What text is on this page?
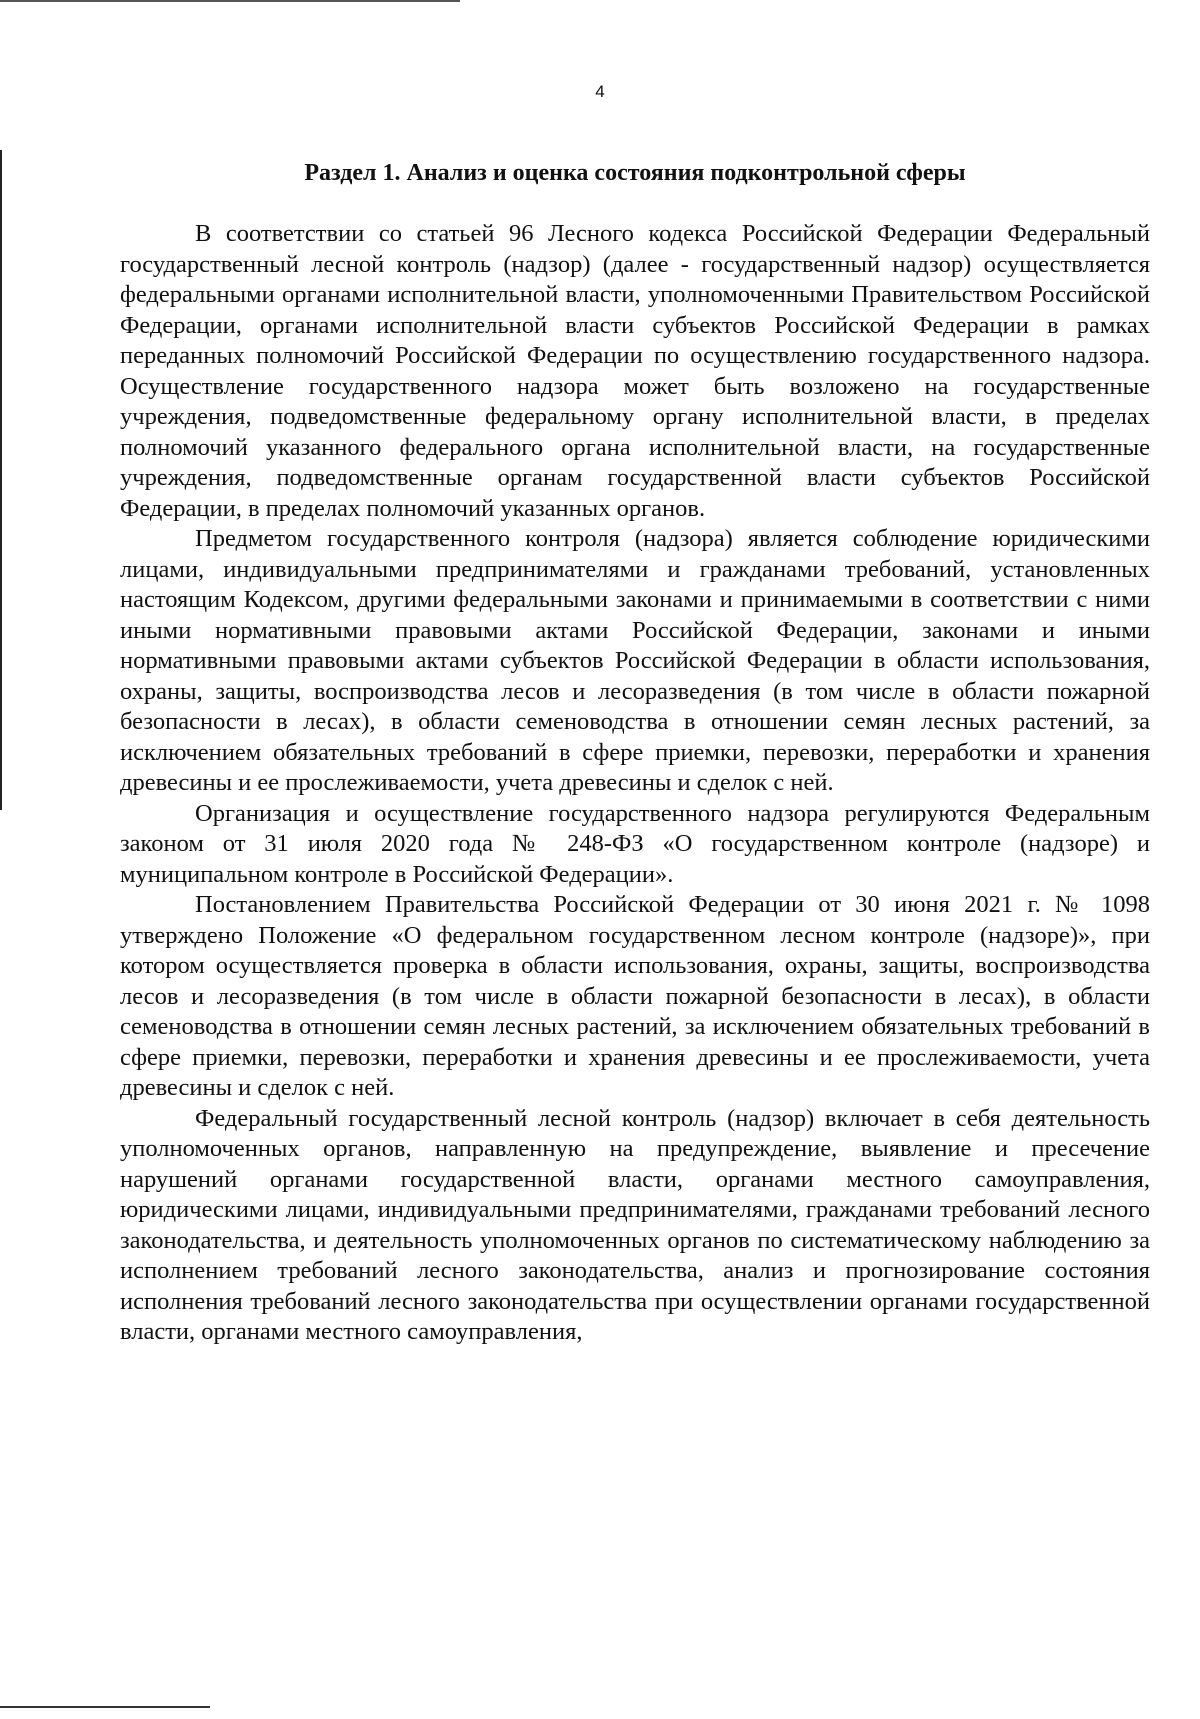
4
Раздел 1. Анализ и оценка состояния подконтрольной сферы

В соответствии со статьей 96 Лесного кодекса Российской Федерации Федеральный государственный лесной контроль (надзор) (далее - государственный надзор) осуществляется федеральными органами исполнительной власти, уполномоченными Правительством Российской Федерации, органами исполнительной власти субъектов Российской Федерации в рамках переданных полномочий Российской Федерации по осуществлению государственного надзора. Осуществление государственного надзора может быть возложено на государственные учреждения, подведомственные федеральному органу исполнительной власти, в пределах полномочий указанного федерального органа исполнительной власти, на государственные учреждения, подведомственные органам государственной власти субъектов Российской Федерации, в пределах полномочий указанных органов.

Предметом государственного контроля (надзора) является соблюдение юридическими лицами, индивидуальными предпринимателями и гражданами требований, установленных настоящим Кодексом, другими федеральными законами и принимаемыми в соответствии с ними иными нормативными правовыми актами Российской Федерации, законами и иными нормативными правовыми актами субъектов Российской Федерации в области использования, охраны, защиты, воспроизводства лесов и лесоразведения (в том числе в области пожарной безопасности в лесах), в области семеноводства в отношении семян лесных растений, за исключением обязательных требований в сфере приемки, перевозки, переработки и хранения древесины и ее прослеживаемости, учета древесины и сделок с ней.

Организация и осуществление государственного надзора регулируются Федеральным законом от 31 июля 2020 года № 248-ФЗ «О государственном контроле (надзоре) и муниципальном контроле в Российской Федерации».

Постановлением Правительства Российской Федерации от 30 июня 2021 г. № 1098 утверждено Положение «О федеральном государственном лесном контроле (надзоре)», при котором осуществляется проверка в области использования, охраны, защиты, воспроизводства лесов и лесоразведения (в том числе в области пожарной безопасности в лесах), в области семеноводства в отношении семян лесных растений, за исключением обязательных требований в сфере приемки, перевозки, переработки и хранения древесины и ее прослеживаемости, учета древесины и сделок с ней.

Федеральный государственный лесной контроль (надзор) включает в себя деятельность уполномоченных органов, направленную на предупреждение, выявление и пресечение нарушений органами государственной власти, органами местного самоуправления, юридическими лицами, индивидуальными предпринимателями, гражданами требований лесного законодательства, и деятельность уполномоченных органов по систематическому наблюдению за исполнением требований лесного законодательства, анализ и прогнозирование состояния исполнения требований лесного законодательства при осуществлении органами государственной власти, органами местного самоуправления,
